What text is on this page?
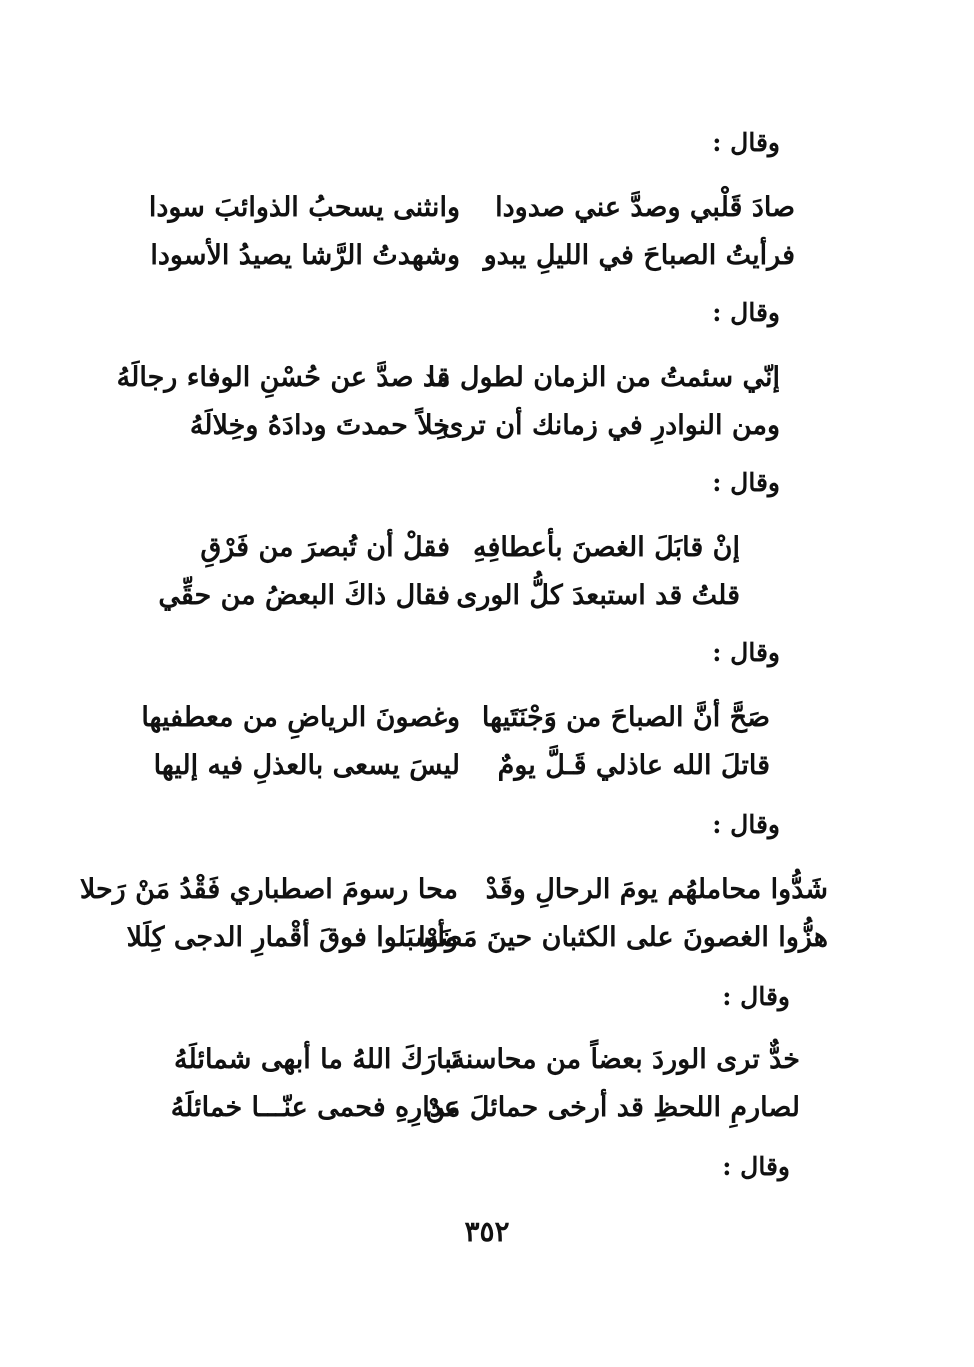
وقال :
صادَ قَلْبي وصدَّ عني صدودا
وانثنى يسحبُ الذوائبَ سودا
فرأيتُ الصباحَ في الليلِ يبدو
وشهدتُ الرَّشا يصيدُ الأسودا
وقال :
إنّي سئمتُ من الزمان لطول ما
قد صدَّ عن حُسْنِ الوفاء رجالَهُ
ومن النوادرِ في زمانك أن ترى
خِلاً حمدتَ ودادَهُ وخِلالَهُ
وقال :
إنْ قابَلَ الغصنَ بأعطافِهِ
فقلْ أن تُبصرَ من فَرْقِ
قلتُ قد استبعدَ كلُّ الورى
فقال ذاكَ البعضُ من حقِّي
وقال :
صَحَّ أنَّ الصباحَ من وَجْنَتَيها
وغصونَ الرياضِ من معطفيها
قاتلَ الله عاذلي قَـلَّ يومٌ
ليسَ يسعى بالعذلِ فيه إليها
وقال :
شَدُّوا محاملهُم يومَ الرحالِ وقَدْ
محا رسومَ اصطباري فَقْدُ مَنْ رَحلا
هزُّوا الغصونَ على الكثبان حينَ مَضَوْا
وأسبَلوا فوقَ أقْمارِ الدجى كِلَلا
وقال :
خدٌّ ترى الوردَ بعضاً من محاسنه
تَبارَكَ اللهُ ما أبهى شمائلَهُ
لصارمِ اللحظِ قد أرخى حمائلَ مَنْ
عذارِهِ فحمى عنّـــا خمائلَهُ
وقال :
٣٥٢
